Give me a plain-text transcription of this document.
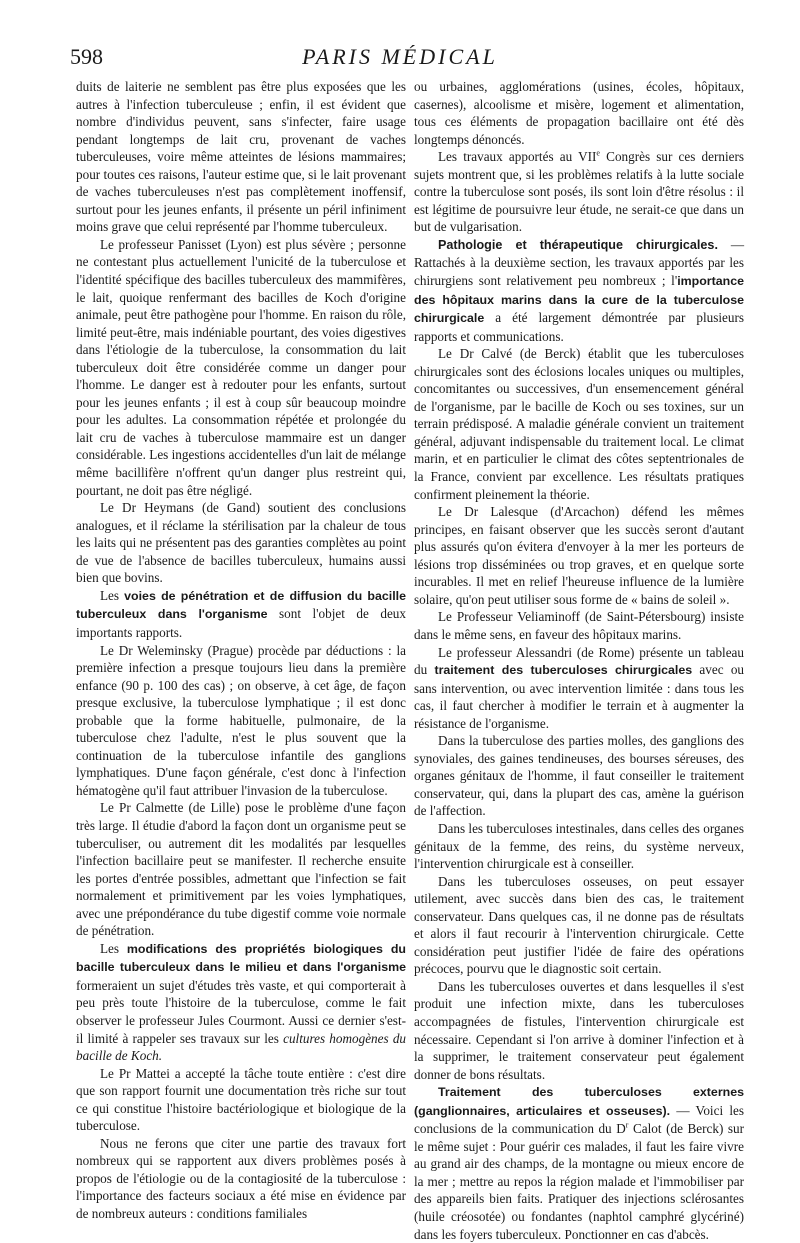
598	PARIS MÉDICAL

duits de laiterie ne semblent pas être plus exposées que les autres à l'infection tuberculeuse ; enfin, il est évident que nombre d'individus peuvent, sans s'infecter, faire usage pendant longtemps de lait cru, provenant de vaches tuberculeuses, voire même atteintes de lésions mammaires; pour toutes ces raisons, l'auteur estime que, si le lait provenant de vaches tuberculeuses n'est pas complètement inoffensif, surtout pour les jeunes enfants, il présente un péril infiniment moins grave que celui représenté par l'homme tuberculeux.

Le professeur Panisset (Lyon) est plus sévère ; personne ne contestant plus actuellement l'unicité de la tuberculose et l'identité spécifique des bacilles tuberculeux des mammifères, le lait, quoique renfermant des bacilles de Koch d'origine animale, peut être pathogène pour l'homme. En raison du rôle, limité peut-être, mais indéniable pourtant, des voies digestives dans l'étiologie de la tuberculose, la consommation du lait tuberculeux doit être considérée comme un danger pour l'homme. Le danger est à redouter pour les enfants, surtout pour les jeunes enfants ; il est à coup sûr beaucoup moindre pour les adultes. La consommation répétée et prolongée du lait cru de vaches à tuberculose mammaire est un danger considérable. Les ingestions accidentelles d'un lait de mélange même bacillifère n'offrent qu'un danger plus restreint qui, pourtant, ne doit pas être négligé.

Le Dr Heymans (de Gand) soutient des conclusions analogues, et il réclame la stérilisation par la chaleur de tous les laits qui ne présentent pas des garanties complètes au point de vue de l'absence de bacilles tuberculeux, humains aussi bien que bovins.

Les voies de pénétration et de diffusion du bacille tuberculeux dans l'organisme sont l'objet de deux importants rapports.

Le Dr Weleminsky (Prague) procède par déductions : la première infection a presque toujours lieu dans la première enfance (90 p. 100 des cas) ; on observe, à cet âge, de façon presque exclusive, la tuberculose lymphatique ; il est donc probable que la forme habituelle, pulmonaire, de la tuberculose chez l'adulte, n'est le plus souvent que la continuation de la tuberculose infantile des ganglions lymphatiques. D'une façon générale, c'est donc à l'infection hématogène qu'il faut attribuer l'invasion de la tuberculose.

Le Pr Calmette (de Lille) pose le problème d'une façon très large. Il étudie d'abord la façon dont un organisme peut se tuberculiser, ou autrement dit les modalités par lesquelles l'infection bacillaire peut se manifester. Il recherche ensuite les portes d'entrée possibles, admettant que l'infection se fait normalement et primitivement par les voies lymphatiques, avec une prépondérance du tube digestif comme voie normale de pénétration.

Les modifications des propriétés biologiques du bacille tuberculeux dans le milieu et dans l'organisme formeraient un sujet d'études très vaste, et qui comporterait à peu près toute l'histoire de la tuberculose, comme le fait observer le professeur Jules Courmont. Aussi ce dernier s'est-il limité à rappeler ses travaux sur les cultures homogènes du bacille de Koch.

Le Pr Mattei a accepté la tâche toute entière : c'est dire que son rapport fournit une documentation très riche sur tout ce qui constitue l'histoire bactériologique et biologique de la tuberculose.

Nous ne ferons que citer une partie des travaux fort nombreux qui se rapportent aux divers problèmes posés à propos de l'étiologie ou de la contagiosité de la tuberculose : l'importance des facteurs sociaux a été mise en évidence par de nombreux auteurs : conditions familiales

ou urbaines, agglomérations (usines, écoles, hôpitaux, casernes), alcoolisme et misère, logement et alimentation, tous ces éléments de propagation bacillaire ont été dès longtemps dénoncés.

Les travaux apportés au VIIe Congrès sur ces derniers sujets montrent que, si les problèmes relatifs à la lutte sociale contre la tuberculose sont posés, ils sont loin d'être résolus : il est légitime de poursuivre leur étude, ne serait-ce que dans un but de vulgarisation.

Pathologie et thérapeutique chirurgicales. — Rattachés à la deuxième section, les travaux apportés par les chirurgiens sont relativement peu nombreux ; l'importance des hôpitaux marins dans la cure de la tuberculose chirurgicale a été largement démontrée par plusieurs rapports et communications.

Le Dr Calvé (de Berck) établit que les tuberculoses chirurgicales sont des éclosions locales uniques ou multiples, concomitantes ou successives, d'un ensemencement général de l'organisme, par le bacille de Koch ou ses toxines, sur un terrain prédisposé. A maladie générale convient un traitement général, adjuvant indispensable du traitement local. Le climat marin, et en particulier le climat des côtes septentrionales de la France, convient par excellence. Les résultats pratiques confirment pleinement la théorie.

Le Dr Lalesque (d'Arcachon) défend les mêmes principes, en faisant observer que les succès seront d'autant plus assurés qu'on évitera d'envoyer à la mer les porteurs de lésions trop disséminées ou trop graves, et en quelque sorte incurables. Il met en relief l'heureuse influence de la lumière solaire, qu'on peut utiliser sous forme de « bains de soleil ».

Le Professeur Veliaminoff (de Saint-Pétersbourg) insiste dans le même sens, en faveur des hôpitaux marins.

Le professeur Alessandri (de Rome) présente un tableau du traitement des tuberculoses chirurgicales avec ou sans intervention, ou avec intervention limitée : dans tous les cas, il faut chercher à modifier le terrain et à augmenter la résistance de l'organisme.

Dans la tuberculose des parties molles, des ganglions des synoviales, des gaines tendineuses, des bourses séreuses, des organes génitaux de l'homme, il faut conseiller le traitement conservateur, qui, dans la plupart des cas, amène la guérison de l'affection.

Dans les tuberculoses intestinales, dans celles des organes génitaux de la femme, des reins, du système nerveux, l'intervention chirurgicale est à conseiller.

Dans les tuberculoses osseuses, on peut essayer utilement, avec succès dans bien des cas, le traitement conservateur. Dans quelques cas, il ne donne pas de résultats et alors il faut recourir à l'intervention chirurgicale. Cette considération peut justifier l'idée de faire des opérations précoces, pourvu que le diagnostic soit certain.

Dans les tuberculoses ouvertes et dans lesquelles il s'est produit une infection mixte, dans les tuberculoses accompagnées de fistules, l'intervention chirurgicale est nécessaire. Cependant si l'on arrive à dominer l'infection et à la supprimer, le traitement conservateur peut également donner de bons résultats.

Traitement des tuberculoses externes (ganglionnaires, articulaires et osseuses). — Voici les conclusions de la communication du $D^r$ Calot (de Berck) sur le même sujet : Pour guérir ces malades, il faut les faire vivre au grand air des champs, de la montagne ou mieux encore de la mer ; mettre au repos la région malade et l'immobiliser par des appareils bien faits. Pratiquer des injections sclérosantes (huile créosotée) ou fondantes (naphtol camphré glycériné) dans les foyers tuberculeux. Ponctionner en cas d'abcès.
